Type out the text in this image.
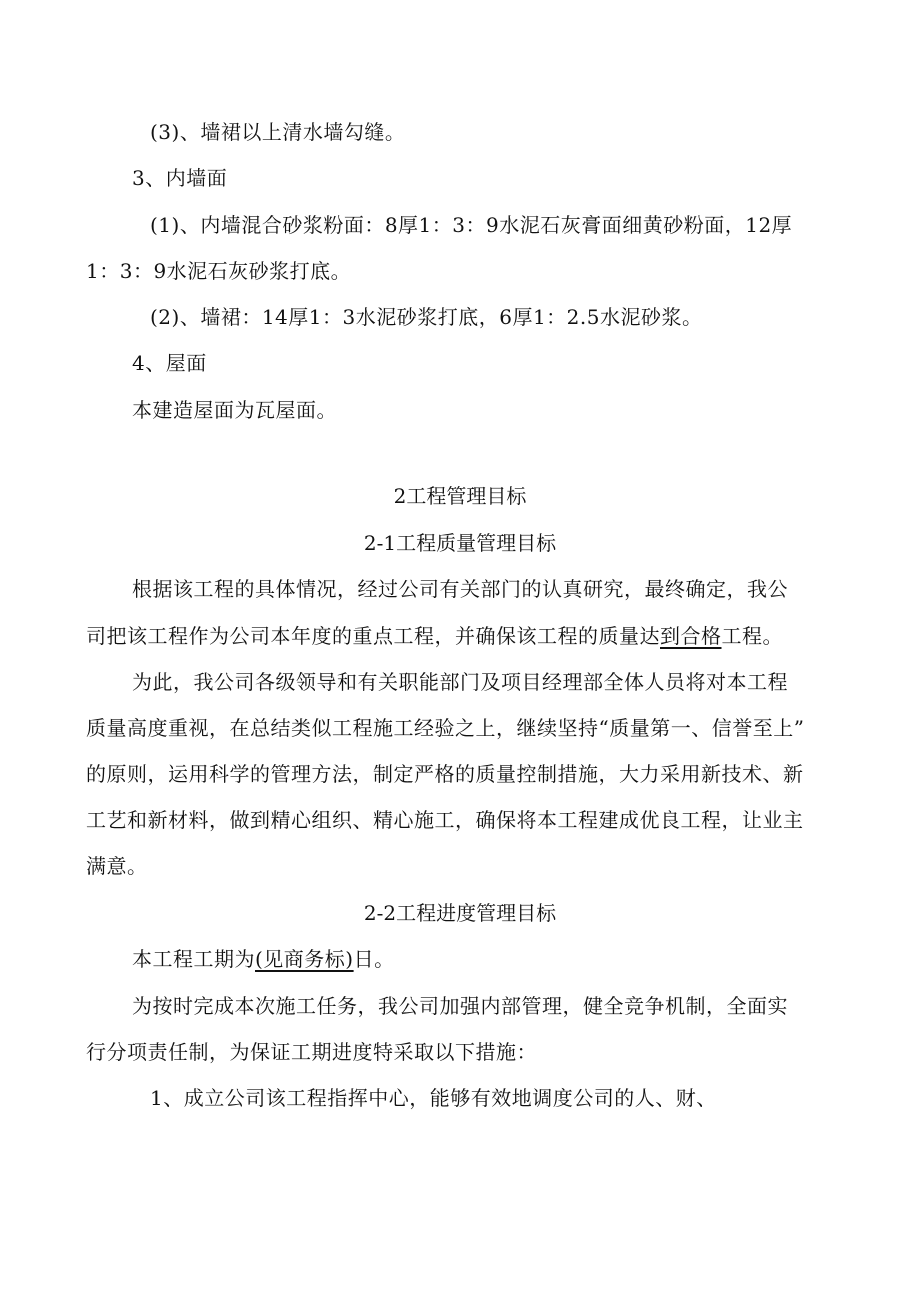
(3)、墙裙以上清水墙勾缝。
3、内墙面
(1)、内墙混合砂浆粉面：8厚1：3：9水泥石灰膏面细黄砂粉面，12厚
1：3：9水泥石灰砂浆打底。
(2)、墙裙：14厚1：3水泥砂浆打底，6厚1：2.5水泥砂浆。
4、屋面
本建造屋面为瓦屋面。
2工程管理目标
2-1工程质量管理目标
根据该工程的具体情况，经过公司有关部门的认真研究，最终确定，我公
司把该工程作为公司本年度的重点工程，并确保该工程的质量达到合格工程。
为此，我公司各级领导和有关职能部门及项目经理部全体人员将对本工程
质量高度重视，在总结类似工程施工经验之上，继续坚持“质量第一、信誉至上”
的原则，运用科学的管理方法，制定严格的质量控制措施，大力采用新技术、新
工艺和新材料，做到精心组织、精心施工，确保将本工程建成优良工程，让业主
满意。
2-2工程进度管理目标
本工程工期为(见商务标)日。
为按时完成本次施工任务，我公司加强内部管理，健全竞争机制，全面实
行分项责任制，为保证工期进度特采取以下措施：
1、成立公司该工程指挥中心，能够有效地调度公司的人、财、
